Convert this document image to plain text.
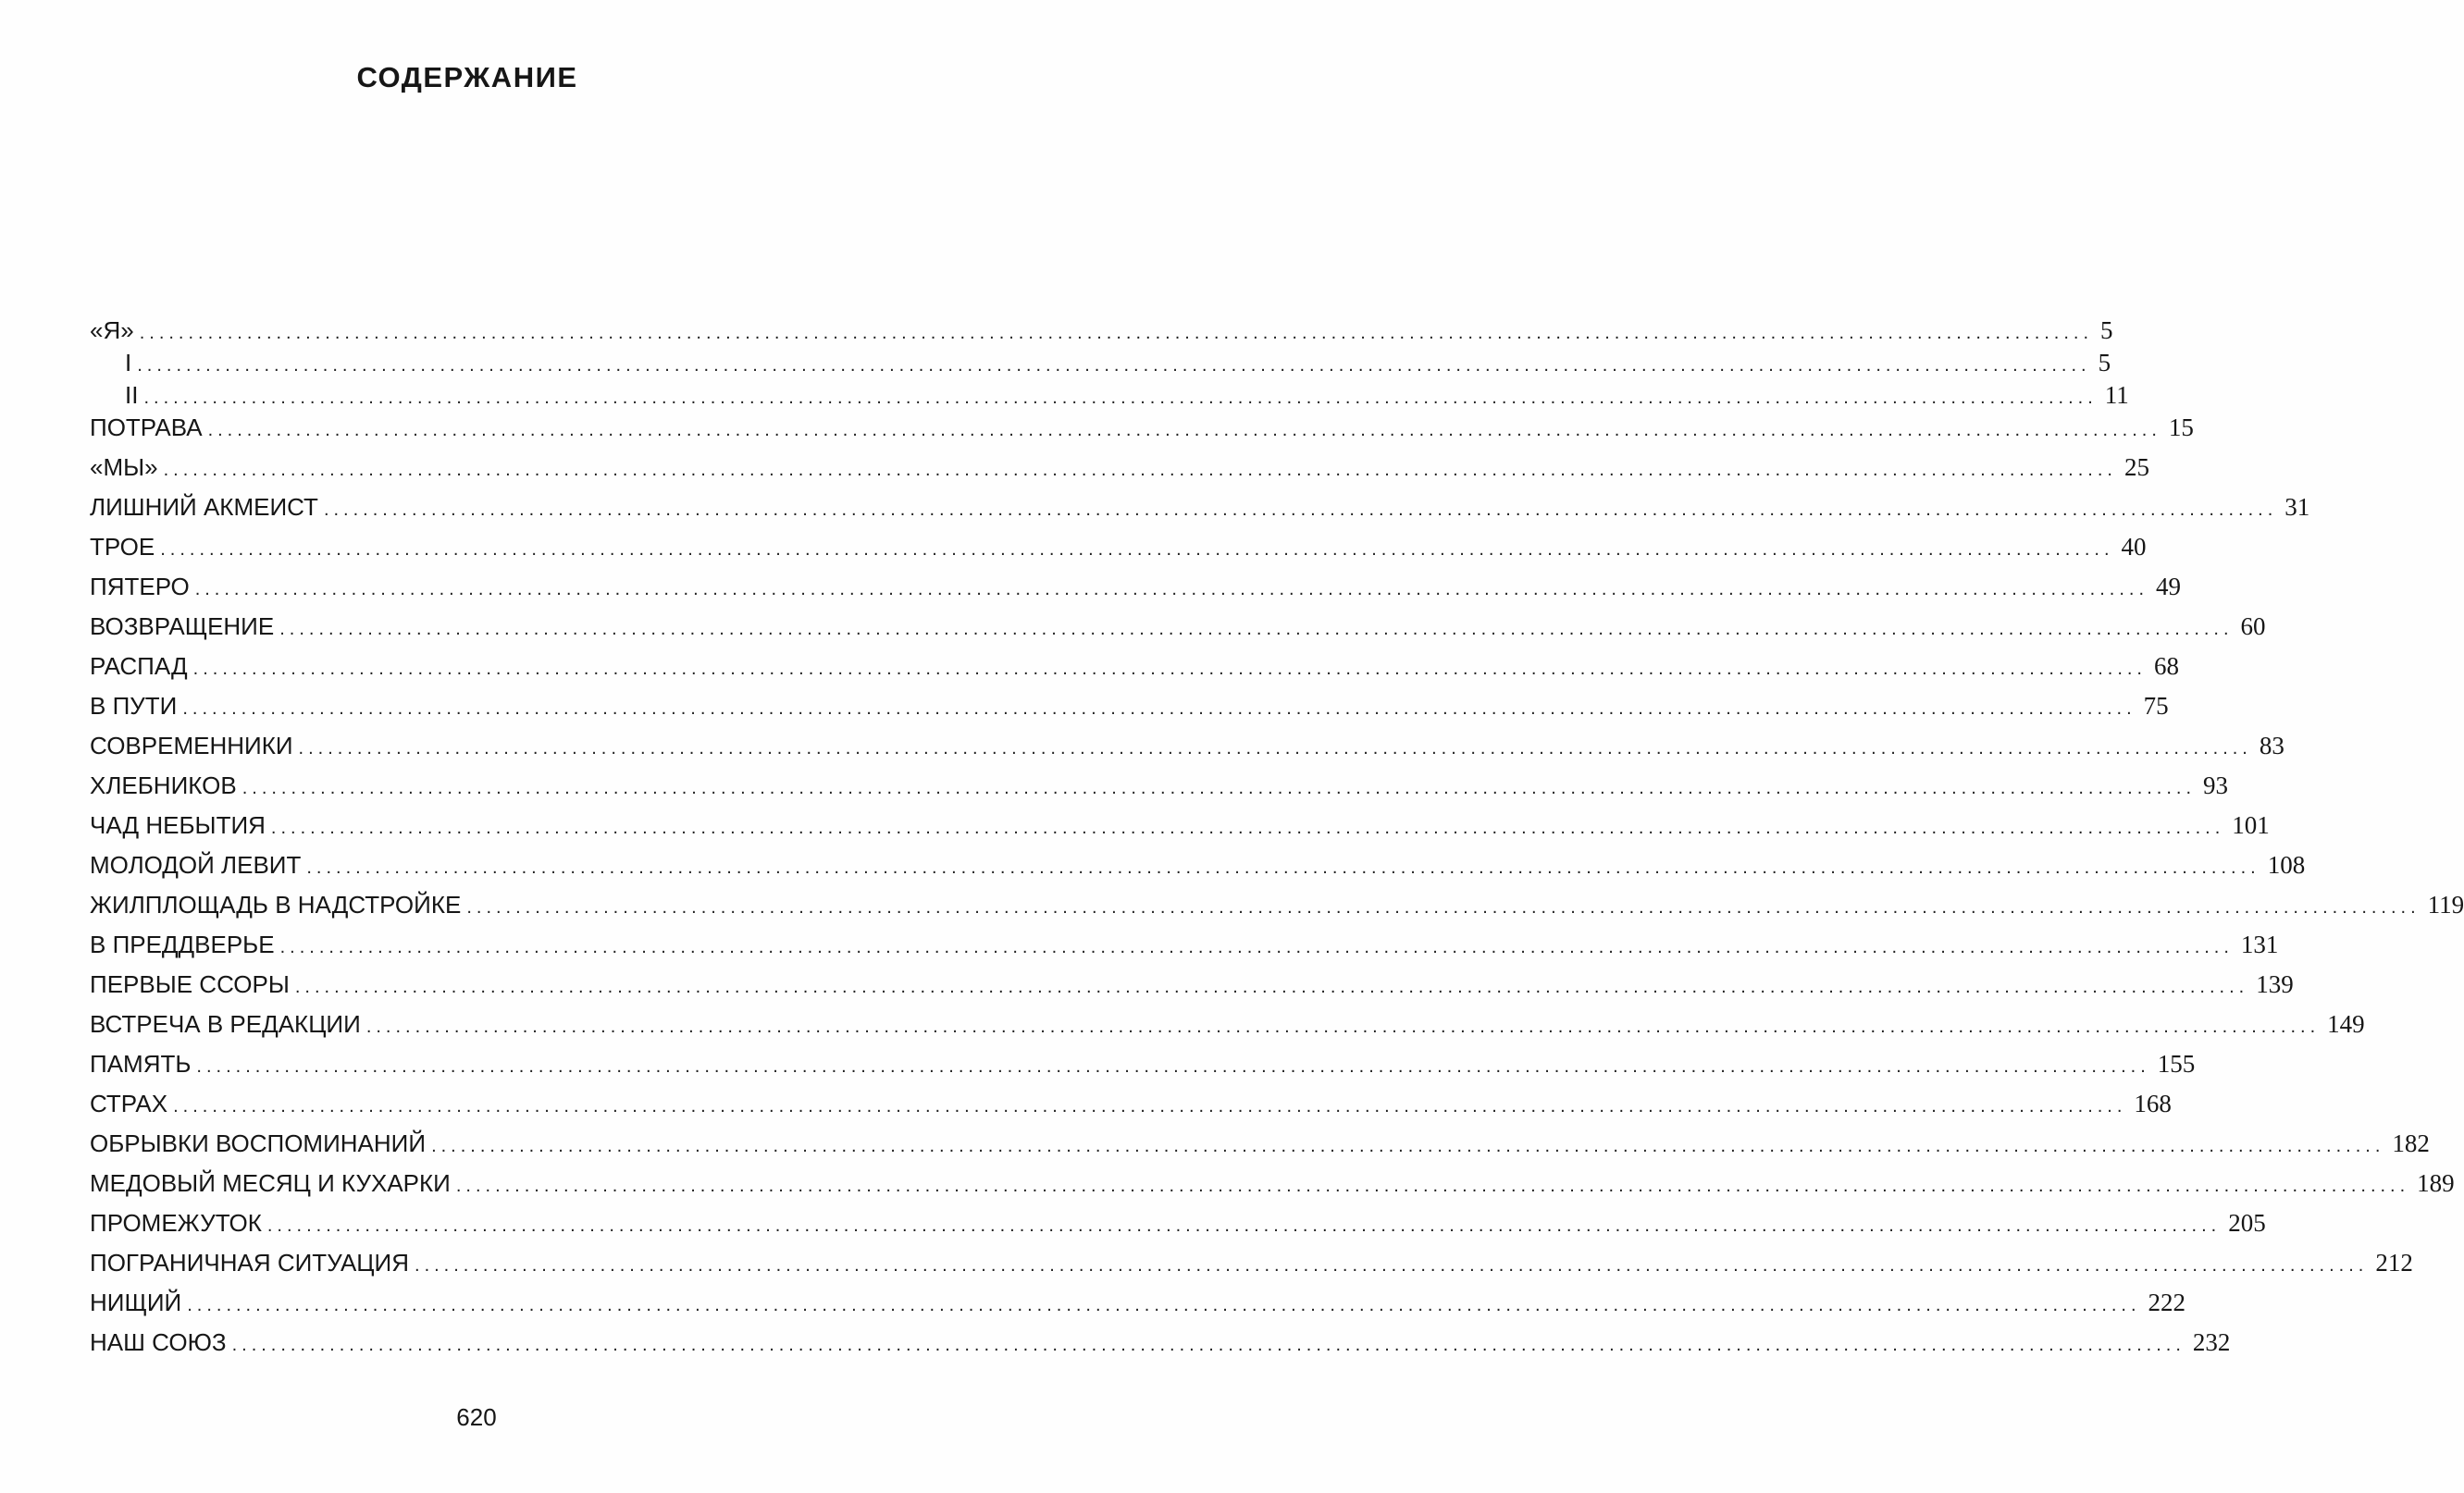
СОДЕРЖАНИЕ
«Я» ........................................................................................................................................................................................................ 5
I ........................................................................................................................................................................................................ 5
II ........................................................................................................................................................................................................ 11
ПОТРАВА ........................................................................................................................................................................................................ 15
«МЫ» ........................................................................................................................................................................................................ 25
ЛИШНИЙ АКМЕИСТ ........................................................................................................................................................................................................ 31
ТРОЕ ........................................................................................................................................................................................................ 40
ПЯТЕРО ........................................................................................................................................................................................................ 49
ВОЗВРАЩЕНИЕ ........................................................................................................................................................................................................ 60
РАСПАД ........................................................................................................................................................................................................ 68
В ПУТИ ........................................................................................................................................................................................................ 75
СОВРЕМЕННИКИ ........................................................................................................................................................................................................ 83
ХЛЕБНИКОВ ........................................................................................................................................................................................................ 93
ЧАД НЕБЫТИЯ ........................................................................................................................................................................................................ 101
МОЛОДОЙ ЛЕВИТ ........................................................................................................................................................................................................ 108
ЖИЛПЛОЩАДЬ В НАДСТРОЙКЕ ........................................................................................................................................................................................................ 119
В ПРЕДДВЕРЬЕ ........................................................................................................................................................................................................ 131
ПЕРВЫЕ ССОРЫ ........................................................................................................................................................................................................ 139
ВСТРЕЧА В РЕДАКЦИИ ........................................................................................................................................................................................................ 149
ПАМЯТЬ ........................................................................................................................................................................................................ 155
СТРАХ ........................................................................................................................................................................................................ 168
ОБРЫВКИ ВОСПОМИНАНИЙ ........................................................................................................................................................................................................ 182
МЕДОВЫЙ МЕСЯЦ И КУХАРКИ ........................................................................................................................................................................................................ 189
ПРОМЕЖУТОК ........................................................................................................................................................................................................ 205
ПОГРАНИЧНАЯ СИТУАЦИЯ ........................................................................................................................................................................................................ 212
НИЩИЙ ........................................................................................................................................................................................................ 222
НАШ СОЮЗ ........................................................................................................................................................................................................ 232
620
